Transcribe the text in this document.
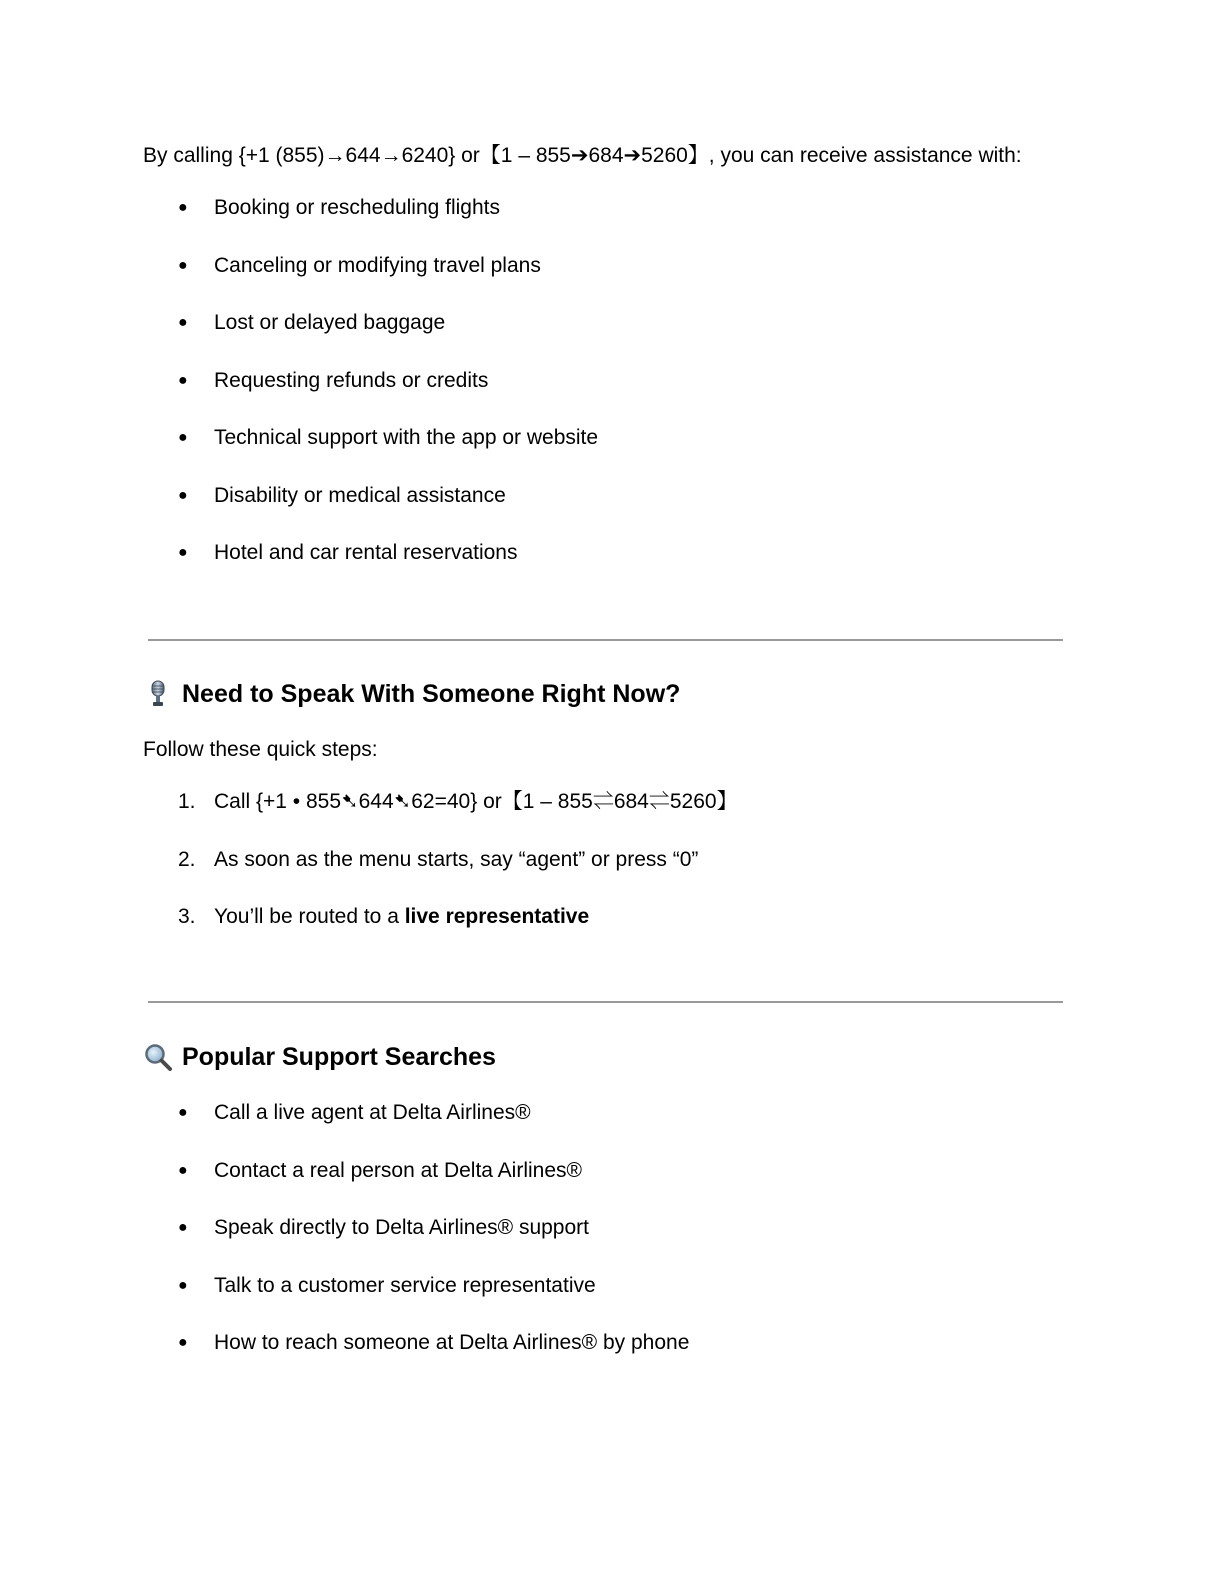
By calling {+1 (855)→644→6240} or【1 – 855➔684➔5260】, you can receive assistance with:
● Booking or rescheduling flights
● Canceling or modifying travel plans
● Lost or delayed baggage
● Requesting refunds or credits
● Technical support with the app or website
● Disability or medical assistance
● Hotel and car rental reservations
Need to Speak With Someone Right Now?
Follow these quick steps:
1. Call {+1 • 855➷644➷62=40} or【1 – 855⇌684⇌5260】
2. As soon as the menu starts, say “agent” or press “0”
3. You’ll be routed to a live representative
Popular Support Searches
● Call a live agent at Delta Airlines®
● Contact a real person at Delta Airlines®
● Speak directly to Delta Airlines® support
● Talk to a customer service representative
● How to reach someone at Delta Airlines® by phone
